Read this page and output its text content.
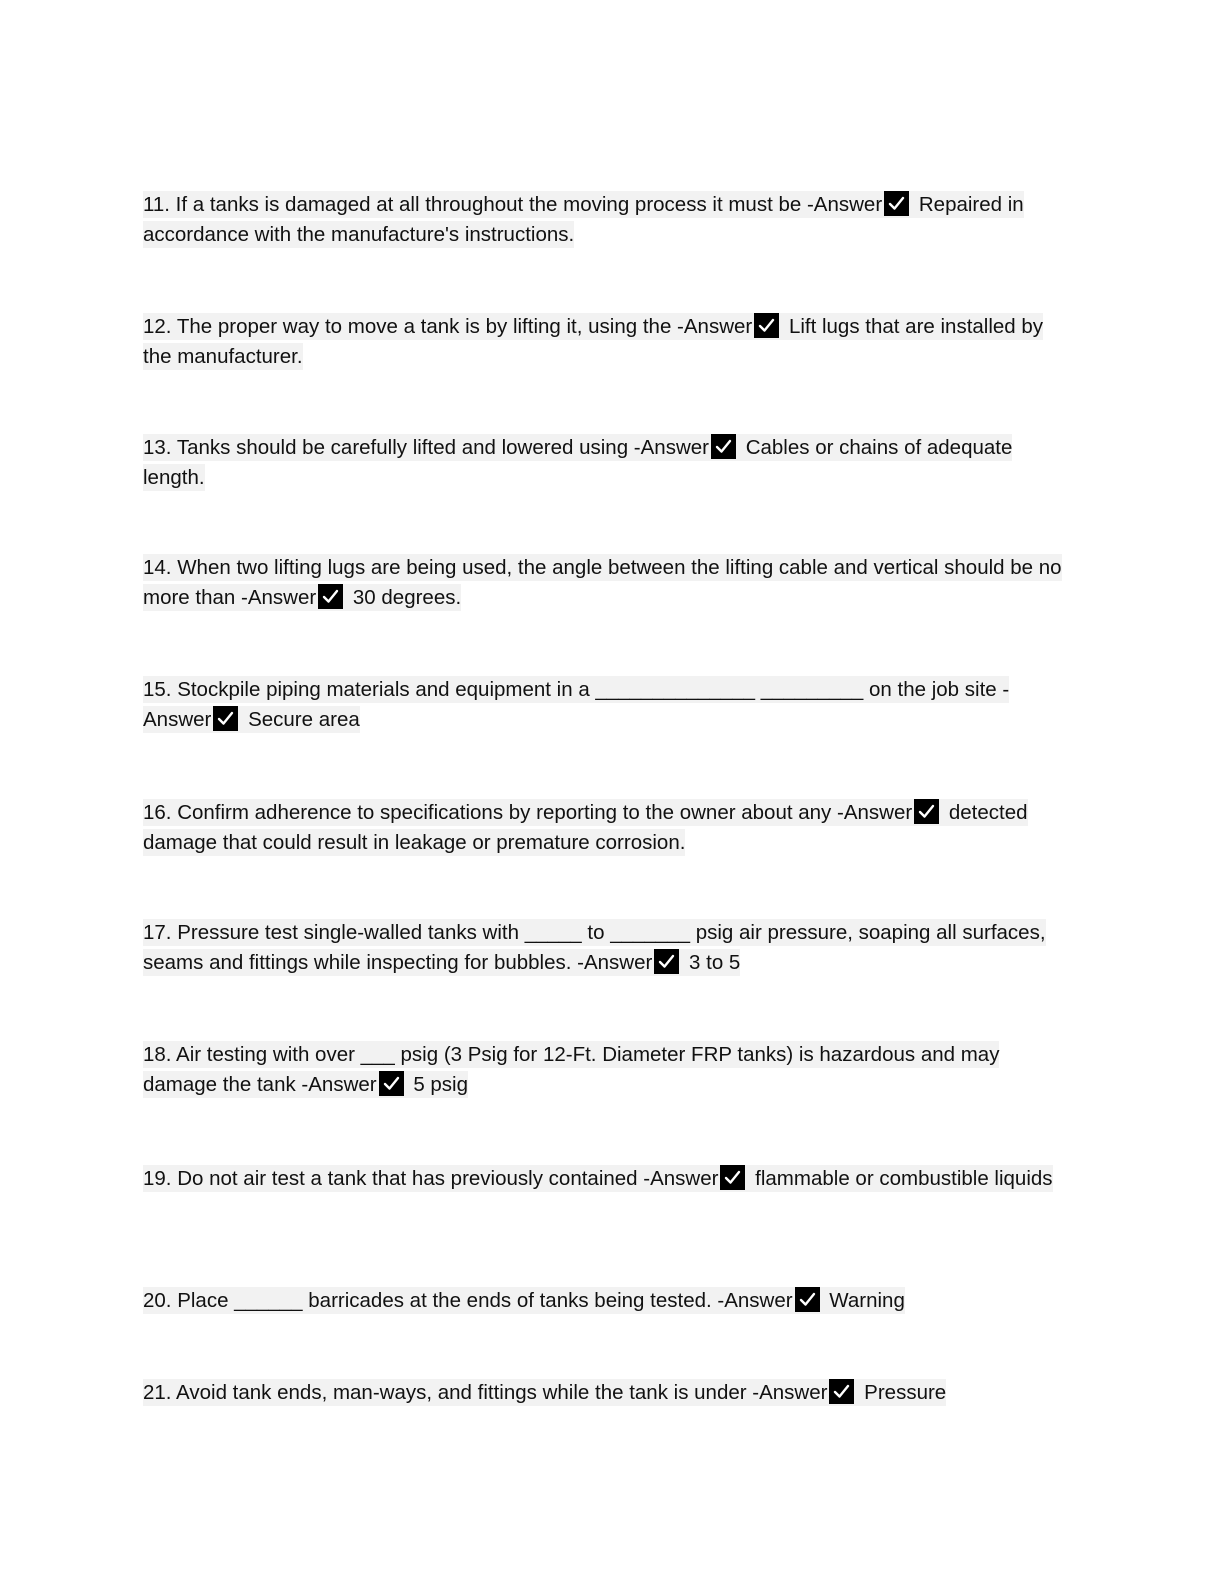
11. If a tanks is damaged at all throughout the moving process it must be -Answer Repaired in accordance with the manufacture's instructions.
12. The proper way to move a tank is by lifting it, using the -Answer Lift lugs that are installed by the manufacturer.
13. Tanks should be carefully lifted and lowered using -Answer Cables or chains of adequate length.
14. When two lifting lugs are being used, the angle between the lifting cable and vertical should be no more than -Answer 30 degrees.
15. Stockpile piping materials and equipment in a ______________ _________ on the job site -Answer Secure area
16. Confirm adherence to specifications by reporting to the owner about any -Answer detected damage that could result in leakage or premature corrosion.
17. Pressure test single-walled tanks with _____ to _______ psig air pressure, soaping all surfaces, seams and fittings while inspecting for bubbles. -Answer 3 to 5
18. Air testing with over ___ psig (3 Psig for 12-Ft. Diameter FRP tanks) is hazardous and may damage the tank -Answer 5 psig
19. Do not air test a tank that has previously contained -Answer flammable or combustible liquids
20. Place ______ barricades at the ends of tanks being tested. -Answer Warning
21. Avoid tank ends, man-ways, and fittings while the tank is under -Answer Pressure
